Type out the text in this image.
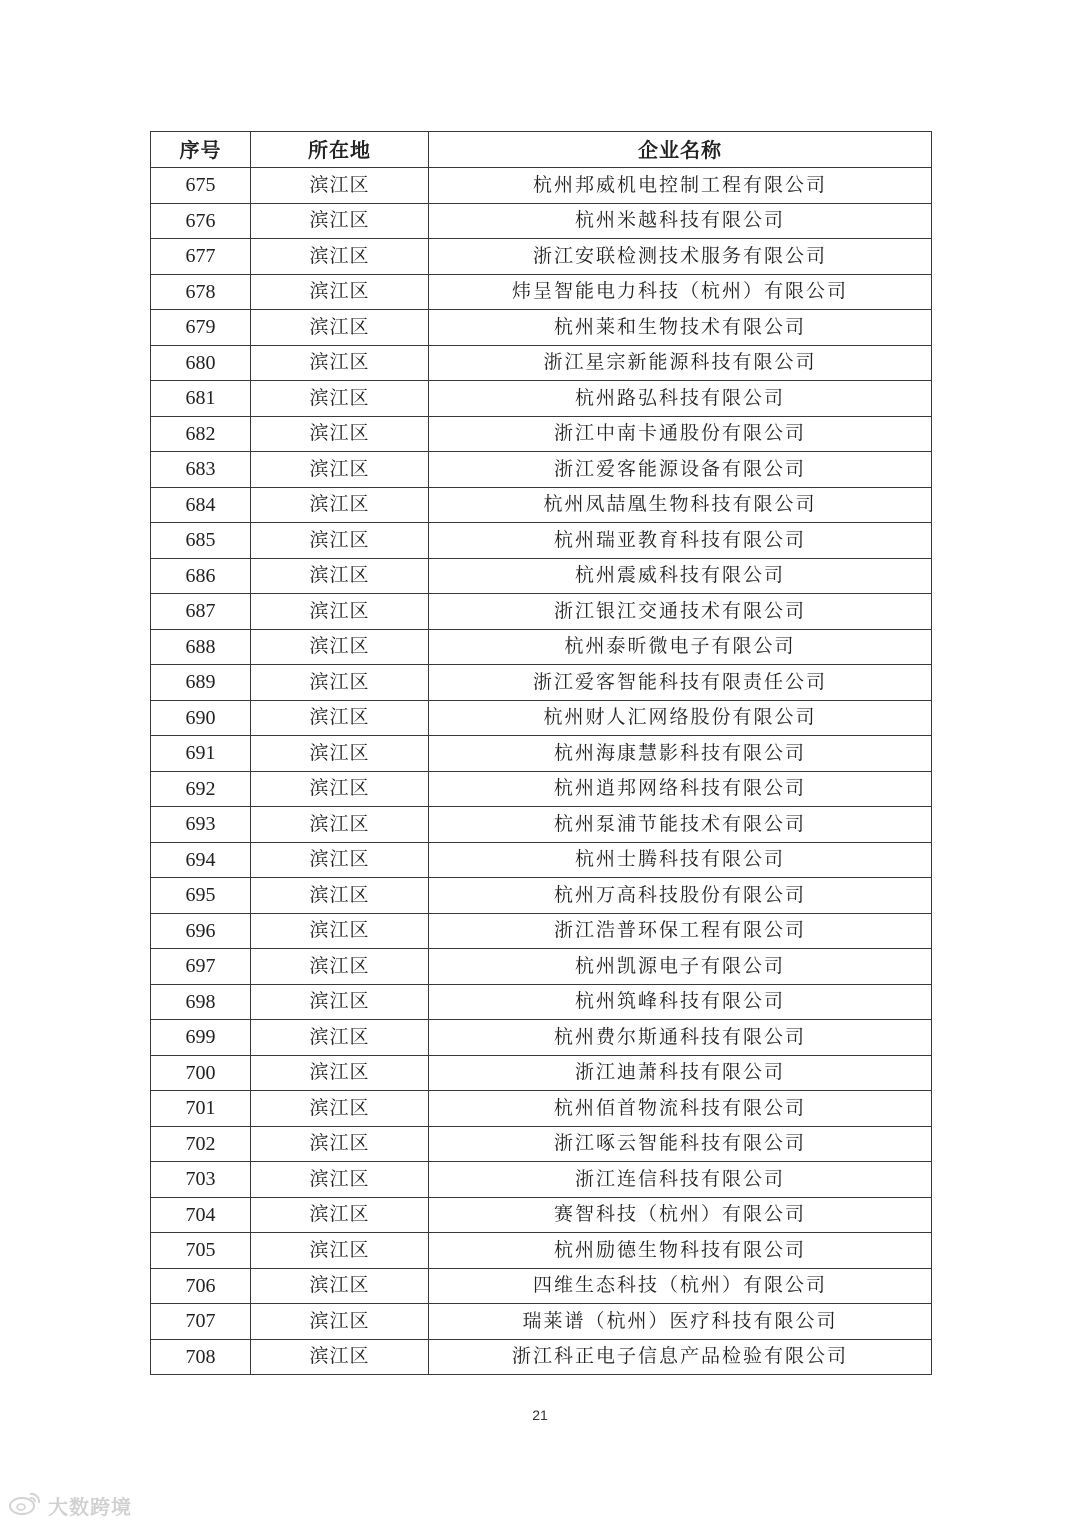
序号	所在地	企业名称
675	滨江区	杭州邦威机电控制工程有限公司
676	滨江区	杭州米越科技有限公司
677	滨江区	浙江安联检测技术服务有限公司
678	滨江区	炜呈智能电力科技（杭州）有限公司
679	滨江区	杭州莱和生物技术有限公司
680	滨江区	浙江星宗新能源科技有限公司
681	滨江区	杭州路弘科技有限公司
682	滨江区	浙江中南卡通股份有限公司
683	滨江区	浙江爱客能源设备有限公司
684	滨江区	杭州凤喆凰生物科技有限公司
685	滨江区	杭州瑞亚教育科技有限公司
686	滨江区	杭州震威科技有限公司
687	滨江区	浙江银江交通技术有限公司
688	滨江区	杭州泰昕微电子有限公司
689	滨江区	浙江爱客智能科技有限责任公司
690	滨江区	杭州财人汇网络股份有限公司
691	滨江区	杭州海康慧影科技有限公司
692	滨江区	杭州逍邦网络科技有限公司
693	滨江区	杭州泵浦节能技术有限公司
694	滨江区	杭州士腾科技有限公司
695	滨江区	杭州万高科技股份有限公司
696	滨江区	浙江浩普环保工程有限公司
697	滨江区	杭州凯源电子有限公司
698	滨江区	杭州筑峰科技有限公司
699	滨江区	杭州费尔斯通科技有限公司
700	滨江区	浙江迪萧科技有限公司
701	滨江区	杭州佰首物流科技有限公司
702	滨江区	浙江啄云智能科技有限公司
703	滨江区	浙江连信科技有限公司
704	滨江区	赛智科技（杭州）有限公司
705	滨江区	杭州励德生物科技有限公司
706	滨江区	四维生态科技（杭州）有限公司
707	滨江区	瑞莱谱（杭州）医疗科技有限公司
708	滨江区	浙江科正电子信息产品检验有限公司
21
大数跨境
